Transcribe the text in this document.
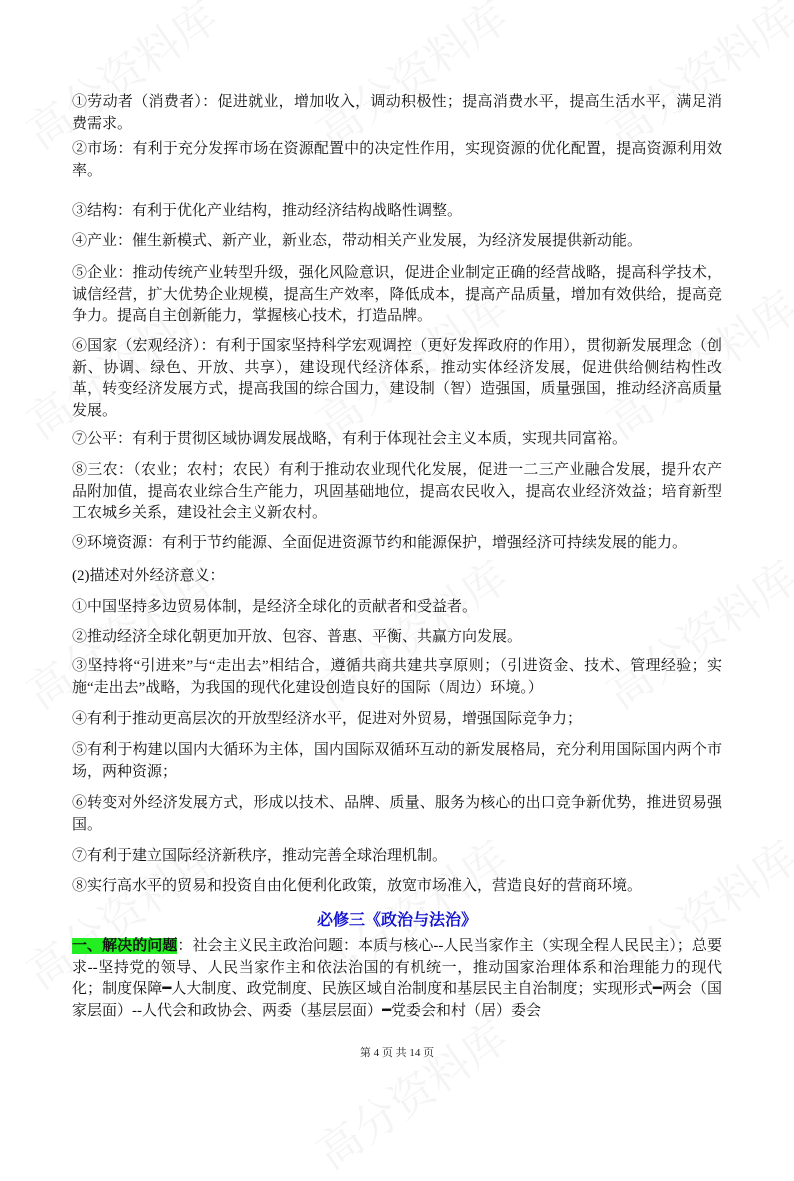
①劳动者（消费者）：促进就业，增加收入，调动积极性；提高消费水平，提高生活水平，满足消费需求。

②市场：有利于充分发挥市场在资源配置中的决定性作用，实现资源的优化配置，提高资源利用效率。

③结构：有利于优化产业结构，推动经济结构战略性调整。

④产业：催生新模式、新产业，新业态，带动相关产业发展，为经济发展提供新动能。

⑤企业：推动传统产业转型升级，强化风险意识，促进企业制定正确的经营战略，提高科学技术，诚信经营，扩大优势企业规模，提高生产效率，降低成本，提高产品质量，增加有效供给，提高竞争力。提高自主创新能力，掌握核心技术，打造品牌。

⑥国家（宏观经济）：有利于国家坚持科学宏观调控（更好发挥政府的作用），贯彻新发展理念（创新、协调、绿色、开放、共享），建设现代经济体系，推动实体经济发展，促进供给侧结构性改革，转变经济发展方式，提高我国的综合国力，建设制（智）造强国，质量强国，推动经济高质量发展。

⑦公平：有利于贯彻区域协调发展战略，有利于体现社会主义本质，实现共同富裕。

⑧三农：（农业；农村；农民）有利于推动农业现代化发展，促进一二三产业融合发展，提升农产品附加值，提高农业综合生产能力，巩固基础地位，提高农民收入，提高农业经济效益；培育新型工农城乡关系，建设社会主义新农村。

⑨环境资源：有利于节约能源、全面促进资源节约和能源保护，增强经济可持续发展的能力。

(2)描述对外经济意义：

①中国坚持多边贸易体制，是经济全球化的贡献者和受益者。

②推动经济全球化朝更加开放、包容、普惠、平衡、共赢方向发展。

③坚持将“引进来”与“走出去”相结合，遵循共商共建共享原则；（引进资金、技术、管理经验；实施“走出去”战略，为我国的现代化建设创造良好的国际（周边）环境。）

④有利于推动更高层次的开放型经济水平，促进对外贸易，增强国际竞争力；

⑤有利于构建以国内大循环为主体，国内国际双循环互动的新发展格局，充分利用国际国内两个市场，两种资源；

⑥转变对外经济发展方式，形成以技术、品牌、质量、服务为核心的出口竞争新优势，推进贸易强国。

⑦有利于建立国际经济新秩序，推动完善全球治理机制。

⑧实行高水平的贸易和投资自由化便利化政策，放宽市场准入，营造良好的营商环境。

必修三《政治与法治》

一、解决的问题：社会主义民主政治问题：本质与核心--人民当家作主（实现全程人民民主）；总要求--坚持党的领导、人民当家作主和依法治国的有机统一，推动国家治理体系和治理能力的现代化；制度保障━人大制度、政党制度、民族区域自治制度和基层民主自治制度；实现形式━两会（国家层面）--人代会和政协会、两委（基层层面）━党委会和村（居）委会

第 4 页 共 14 页
